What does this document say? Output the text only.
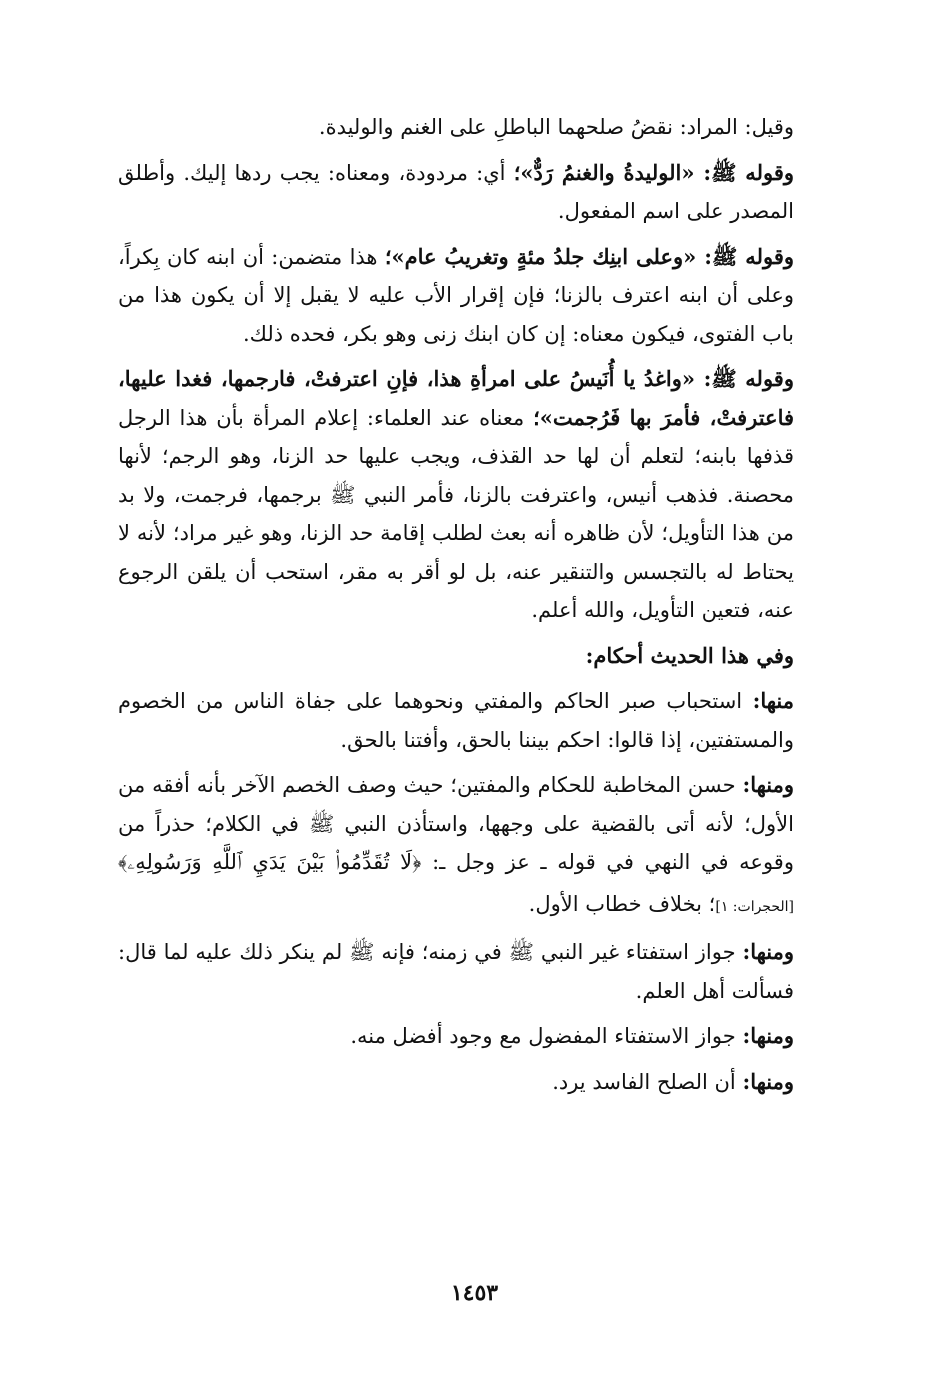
وقيل: المراد: نقضُ صلحهما الباطلِ على الغنم والوليدة.

وقوله ﷺ: «الوليدةُ والغنمُ رَدٌّ»؛ أي: مردودة، ومعناه: يجب ردها إليك. وأطلق المصدر على اسم المفعول.

وقوله ﷺ: «وعلى ابنِك جلدُ مئةٍ وتغريبُ عام»؛ هذا متضمن: أن ابنه كان بِكراً، وعلى أن ابنه اعترف بالزنا؛ فإن إقرار الأب عليه لا يقبل إلا أن يكون هذا من باب الفتوى، فيكون معناه: إن كان ابنك زنى وهو بكر، فحده ذلك.

وقوله ﷺ: «واغدُ يا أُنَيسُ على امرأةِ هذا، فإنِ اعترفتْ، فارجمها، فغدا عليها، فاعترفتْ، فأمرَ بها فَرُجمت»؛ معناه عند العلماء: إعلام المرأة بأن هذا الرجل قذفها بابنه؛ لتعلم أن لها حد القذف، ويجب عليها حد الزنا، وهو الرجم؛ لأنها محصنة. فذهب أنيس، واعترفت بالزنا، فأمر النبي ﷺ برجمها، فرجمت، ولا بد من هذا التأويل؛ لأن ظاهره أنه بعث لطلب إقامة حد الزنا، وهو غير مراد؛ لأنه لا يحتاط له بالتجسس والتنقير عنه، بل لو أقر به مقر، استحب أن يلقن الرجوع عنه، فتعين التأويل، والله أعلم.

وفي هذا الحديث أحكام:

منها: استحباب صبر الحاكم والمفتي ونحوهما على جفاة الناس من الخصوم والمستفتين، إذا قالوا: احكم بيننا بالحق، وأفتنا بالحق.

ومنها: حسن المخاطبة للحكام والمفتين؛ حيث وصف الخصم الآخر بأنه أفقه من الأول؛ لأنه أتى بالقضية على وجهها، واستأذن النبي ﷺ في الكلام؛ حذراً من وقوعه في النهي في قوله ـ عز وجل ـ: ﴿لَا تُقَدِّمُوا۟ بَيْنَ يَدَيِ ٱللَّهِ وَرَسُولِهِۦ﴾ [الحجرات: ١]؛ بخلاف خطاب الأول.

ومنها: جواز استفتاء غير النبي ﷺ في زمنه؛ فإنه ﷺ لم ينكر ذلك عليه لما قال: فسألت أهل العلم.

ومنها: جواز الاستفتاء المفضول مع وجود أفضل منه.

ومنها: أن الصلح الفاسد يرد.

١٤٥٣
